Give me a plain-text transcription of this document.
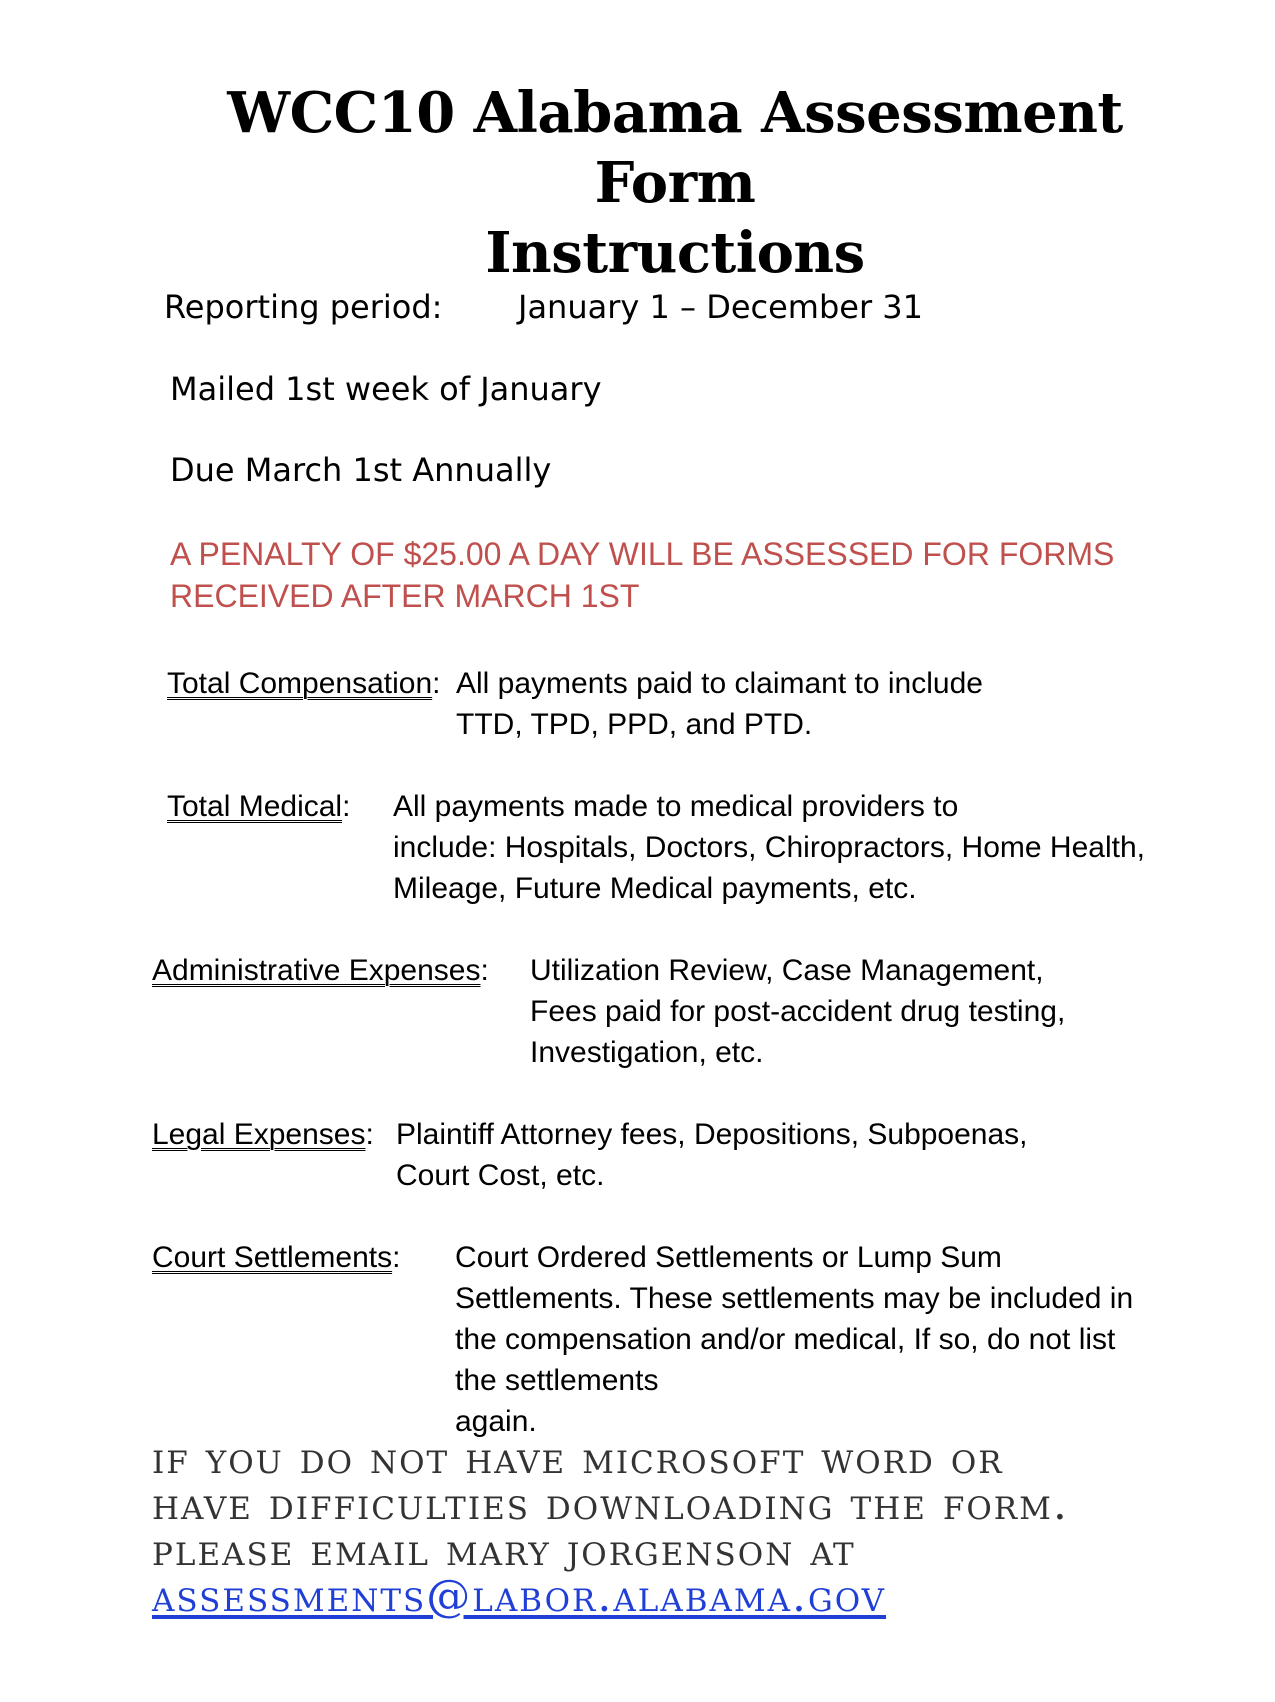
WCC10 Alabama Assessment Form
Instructions

Reporting period: January 1 – December 31

Mailed 1st week of January

Due March 1st Annually

A PENALTY OF $25.00 A DAY WILL BE ASSESSED FOR FORMS
RECEIVED AFTER MARCH 1ST

Total Compensation: All payments paid to claimant to include
TTD, TPD, PPD, and PTD.

Total Medical: All payments made to medical providers to
include: Hospitals, Doctors, Chiropractors, Home Health,
Mileage, Future Medical payments, etc.

Administrative Expenses: Utilization Review, Case Management,
Fees paid for post-accident drug testing,
Investigation, etc.

Legal Expenses: Plaintiff Attorney fees, Depositions, Subpoenas,
Court Cost, etc.

Court Settlements: Court Ordered Settlements or Lump Sum
Settlements. These settlements may be included in
the compensation and/or medical, If so, do not list
the settlements
again.

if you do not have microsoft word or
have difficulties downloading the form.
please email mary jorgenson at
assessments@labor.alabama.gov
